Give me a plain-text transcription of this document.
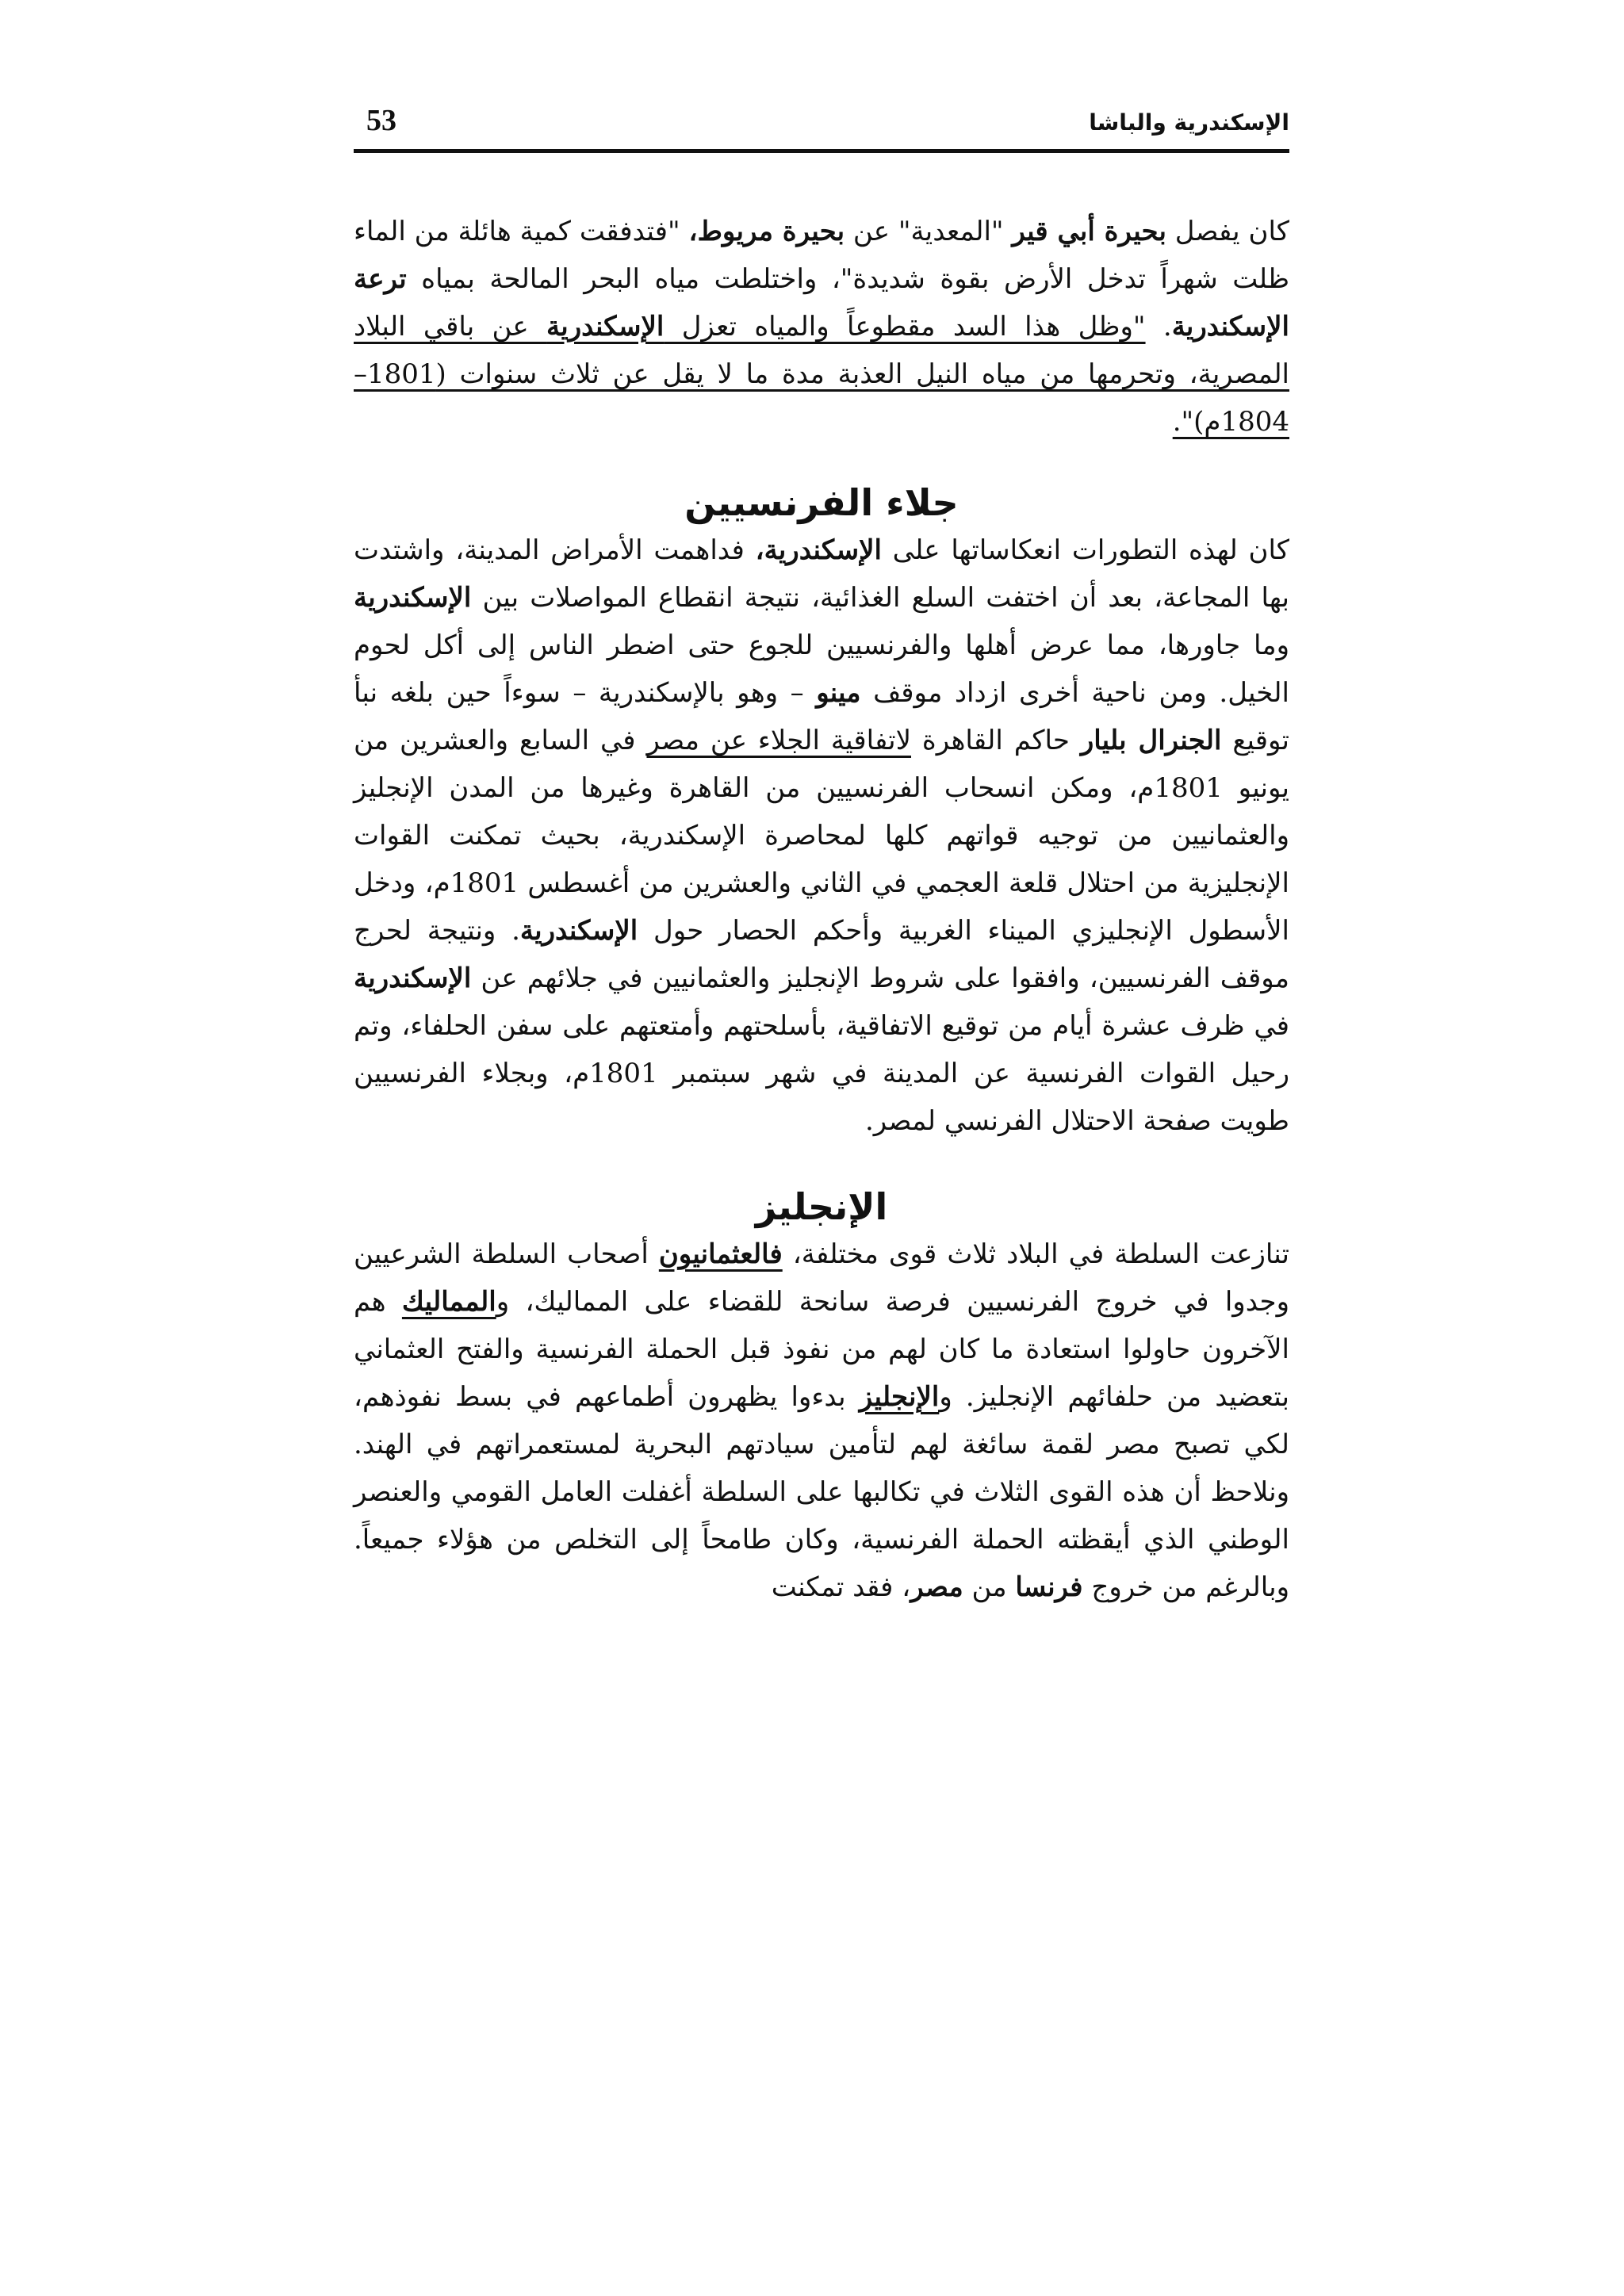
الإسكندرية والباشا
53

كان يفصل بحيرة أبي قير "المعدية" عن بحيرة مريوط، "فتدفقت كمية هائلة من الماء ظلت شهراً تدخل الأرض بقوة شديدة"، واختلطت مياه البحر المالحة بمياه ترعة الإسكندرية. "وظل هذا السد مقطوعاً والمياه تعزل الإسكندرية عن باقي البلاد المصرية، وتحرمها من مياه النيل العذبة مدة ما لا يقل عن ثلاث سنوات (1801– 1804م)".

جلاء الفرنسيين

كان لهذه التطورات انعكاساتها على الإسكندرية، فداهمت الأمراض المدينة، واشتدت بها المجاعة، بعد أن اختفت السلع الغذائية، نتيجة انقطاع المواصلات بين الإسكندرية وما جاورها، مما عرض أهلها والفرنسيين للجوع حتى اضطر الناس إلى أكل لحوم الخيل. ومن ناحية أخرى ازداد موقف مينو – وهو بالإسكندرية – سوءاً حين بلغه نبأ توقيع الجنرال بليار حاكم القاهرة لاتفاقية الجلاء عن مصر في السابع والعشرين من يونيو 1801م، ومكن انسحاب الفرنسيين من القاهرة وغيرها من المدن الإنجليز والعثمانيين من توجيه قواتهم كلها لمحاصرة الإسكندرية، بحيث تمكنت القوات الإنجليزية من احتلال قلعة العجمي في الثاني والعشرين من أغسطس 1801م، ودخل الأسطول الإنجليزي الميناء الغربية وأحكم الحصار حول الإسكندرية. ونتيجة لحرج موقف الفرنسيين، وافقوا على شروط الإنجليز والعثمانيين في جلائهم عن الإسكندرية في ظرف عشرة أيام من توقيع الاتفاقية، بأسلحتهم وأمتعتهم على سفن الحلفاء، وتم رحيل القوات الفرنسية عن المدينة في شهر سبتمبر 1801م، وبجلاء الفرنسيين طويت صفحة الاحتلال الفرنسي لمصر.

الإنجليز

تنازعت السلطة في البلاد ثلاث قوى مختلفة، فالعثمانيون أصحاب السلطة الشرعيين وجدوا في خروج الفرنسيين فرصة سانحة للقضاء على المماليك، والمماليك هم الآخرون حاولوا استعادة ما كان لهم من نفوذ قبل الحملة الفرنسية والفتح العثماني بتعضيد من حلفائهم الإنجليز. والإنجليز بدءوا يظهرون أطماعهم في بسط نفوذهم، لكي تصبح مصر لقمة سائغة لهم لتأمين سيادتهم البحرية لمستعمراتهم في الهند. ونلاحظ أن هذه القوى الثلاث في تكالبها على السلطة أغفلت العامل القومي والعنصر الوطني الذي أيقظته الحملة الفرنسية، وكان طامحاً إلى التخلص من هؤلاء جميعاً. وبالرغم من خروج فرنسا من مصر، فقد تمكنت
